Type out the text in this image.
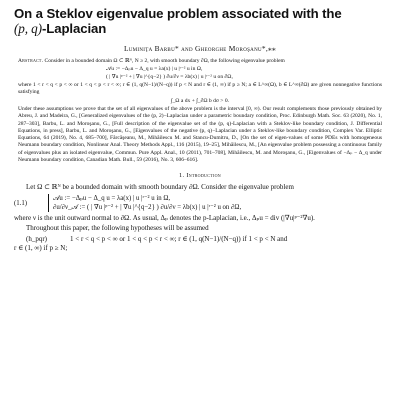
On a Steklov eigenvalue problem associated with the
(p, q)-Laplacian
Luminiţa Barbu* and Gheorghe Moroşanu*,⁎⁎
Abstract. Consider in a bounded domain Ω ⊂ ℝᴺ, N ≥ 2, with smooth boundary ∂Ω, the following eigenvalue problem
𝒜u := −Δₚu − Δ_q u = λa(x) | u |ʳ⁻² u in Ω,
( | ∇u |ᵖ⁻² + | ∇u |^{q−2} ) ∂u/∂ν = λb(x) | u |ʳ⁻² u on ∂Ω,
where 1 < r < q < p < ∞ or 1 < q < p < r < ∞; r ∈ (1, q(N−1)/(N−q)) if p < N and r ∈ (1, ∞) if p ≥ N; a ∈ L^∞(Ω), b ∈ L^∞(∂Ω) are given nonnegative functions satisfying
∫_Ω a dx + ∫_∂Ω b dσ > 0.
Under these assumptions we prove that the set of all eigenvalues of the above problem is the interval [0, ∞). Our result complements those previously obtained by Abreu, J. and Madeira, G., [Generalized eigenvalues of the (p, 2)−Laplacian under a parametric boundary condition, Proc. Edinburgh Math. Soc. 63 (2020), No. 1, 287–303], Barbu, L. and Moroşanu, G., [Full description of the eigenvalue set of the (p, q)-Laplacian with a Steklov-like boundary condition, J. Differential Equations, in press], Barbu, L. and Moroşanu, G., [Eigenvalues of the negative (p, q)−Laplacian under a Steklov-like boundary condition, Complex Var. Elliptic Equations, 64 (2019), No. 4, 685–700], Fărcăşeanu, M., Mihăilescu M. and Stancu-Dumitru, D., [On the set of eigen-values of some PDEs with homogeneous Neumann boundary condition, Nonlinear Anal. Theory Methods Appl., 116 (2015), 19–25], Mihăilescu, M., [An eigenvalue problem possessing a continuous family of eigenvalues plus an isolated eigenvalue, Commun. Pure Appl. Anal., 10 (2011), 701–708], Mihăilescu, M. and Moroşanu, G., [Eigenvalues of −Δₚ − Δ_q under Neumann boundary condition, Canadian Math. Bull., 59 (2016), No. 3, 606–616].
1. Introduction
Let Ω ⊂ ℝᴺ be a bounded domain with smooth boundary ∂Ω. Consider the eigenvalue problem
(1.1)
𝒜u := −Δₚu − Δ_q u = λa(x) | u |ʳ⁻² u in Ω,
∂u/∂ν_𝒜 := ( | ∇u |ᵖ⁻² + | ∇u |^{q−2} ) ∂u/∂ν = λb(x) | u |ʳ⁻² u on ∂Ω,
where ν is the unit outward normal to ∂Ω. As usual, Δₚ denotes the p-Laplacian, i.e., Δₚu = div (|∇u|ᵖ⁻²∇u).
Throughout this paper, the following hypotheses will be assumed
(h_pqr)	1 < r < q < p < ∞ or 1 < q < p < r < ∞; r ∈ (1, q(N−1)/(N−q)) if 1 < p < N and
r ∈ (1, ∞) if p ≥ N;
